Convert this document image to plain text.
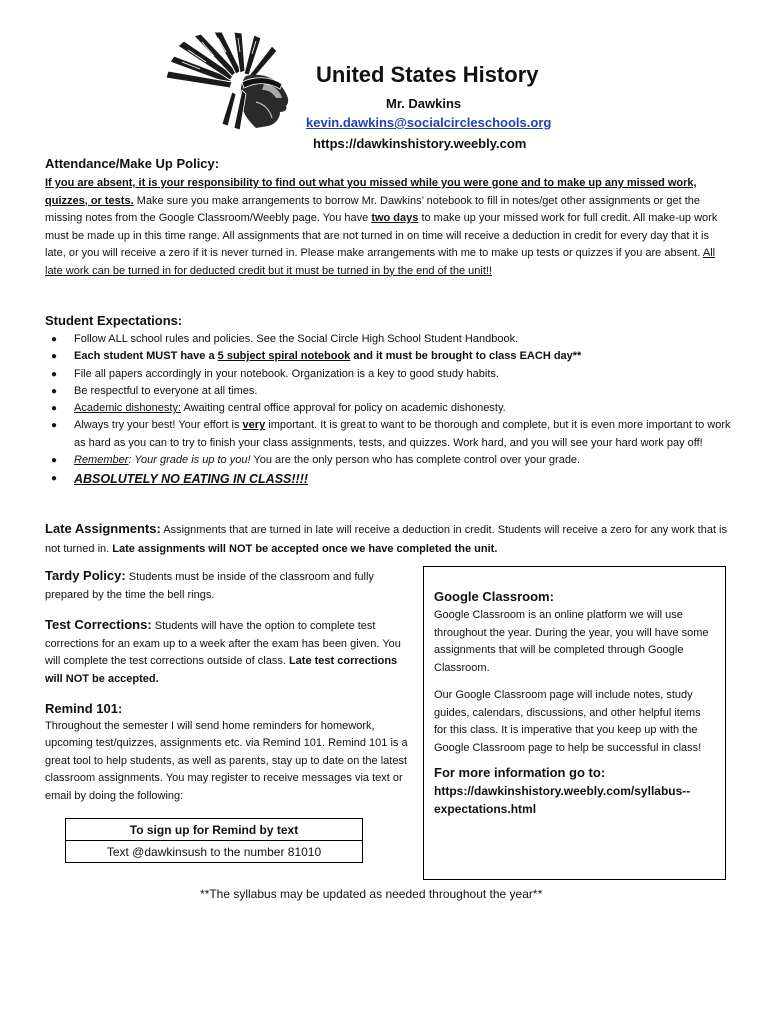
United States History
Mr. Dawkins
kevin.dawkins@socialcircleschools.org
https://dawkinshistory.weebly.com
Attendance/Make Up Policy:
If you are absent, it is your responsibility to find out what you missed while you were gone and to make up any missed work, quizzes, or tests. Make sure you make arrangements to borrow Mr. Dawkins’ notebook to fill in notes/get other assignments or get the missing notes from the Google Classroom/Weebly page. You have two days to make up your missed work for full credit. All make-up work must be made up in this time range. All assignments that are not turned in on time will receive a deduction in credit for every day that it is late, or you will receive a zero if it is never turned in. Please make arrangements with me to make up tests or quizzes if you are absent. All late work can be turned in for deducted credit but it must be turned in by the end of the unit!!
Student Expectations:
● Follow ALL school rules and policies. See the Social Circle High School Student Handbook.
● Each student MUST have a 5 subject spiral notebook and it must be brought to class EACH day**
● File all papers accordingly in your notebook. Organization is a key to good study habits.
● Be respectful to everyone at all times.
● Academic dishonesty: Awaiting central office approval for policy on academic dishonesty.
● Always try your best! Your effort is very important. It is great to want to be thorough and complete, but it is even more important to work as hard as you can to try to finish your class assignments, tests, and quizzes. Work hard, and you will see your hard work pay off!
● Remember: Your grade is up to you! You are the only person who has complete control over your grade.
● ABSOLUTELY NO EATING IN CLASS!!!!
Late Assignments: Assignments that are turned in late will receive a deduction in credit. Students will receive a zero for any work that is not turned in. Late assignments will NOT be accepted once we have completed the unit.
Tardy Policy: Students must be inside of the classroom and fully prepared by the time the bell rings.
Test Corrections: Students will have the option to complete test corrections for an exam up to a week after the exam has been given. You will complete the test corrections outside of class. Late test corrections will NOT be accepted.
Remind 101:
Throughout the semester I will send home reminders for homework, upcoming test/quizzes, assignments etc. via Remind 101. Remind 101 is a great tool to help students, as well as parents, stay up to date on the latest classroom assignments. You may register to receive messages via text or email by doing the following:
To sign up for Remind by text
Text @dawkinsush to the number 81010
Google Classroom:

Google Classroom is an online platform we will use throughout the year. During the year, you will have some assignments that will be completed through Google Classroom.

Our Google Classroom page will include notes, study guides, calendars, discussions, and other helpful items for this class. It is imperative that you keep up with the Google Classroom page to help be successful in class!

For more information go to:
https://dawkinshistory.weebly.com/syllabus--expectations.html
**The syllabus may be updated as needed throughout the year**
